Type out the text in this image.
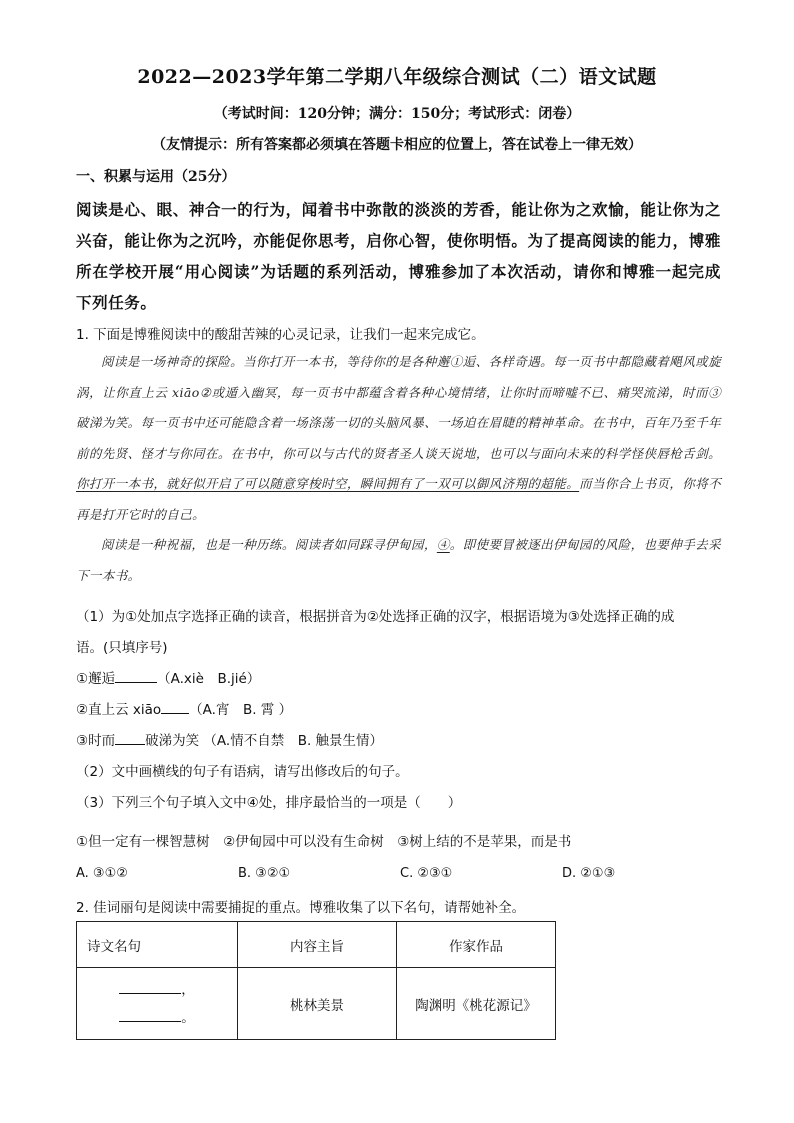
2022—2023学年第二学期八年级综合测试（二）语文试题
（考试时间：120分钟；满分：150分；考试形式：闭卷）
（友情提示：所有答案都必须填在答题卡相应的位置上，答在试卷上一律无效）
一、积累与运用（25分）
阅读是心、眼、神合一的行为，闻着书中弥散的淡淡的芳香，能让你为之欢愉，能让你为之兴奋，能让你为之沉吟，亦能促你思考，启你心智，使你明悟。为了提高阅读的能力，博雅所在学校开展“用心阅读”为话题的系列活动，博雅参加了本次活动，请你和博雅一起完成下列任务。
1. 下面是博雅阅读中的酸甜苦辣的心灵记录，让我们一起来完成它。

阅读是一场神奇的探险。当你打开一本书，等待你的是各种邂①逅、各样奇遇。每一页书中都隐藏着飓风或旋涡，让你直上云 xiāo②或遁入幽冥，每一页书中都蕴含着各种心境情绪，让你时而啼嘘不已、痛哭流涕，时而③破涕为笑。每一页书中还可能隐含着一场涤荡一切的头脑风暴、一场迫在眉睫的精神革命。在书中，百年乃至千年前的先贤、怪才与你同在。在书中，你可以与古代的贤者圣人谈天说地，也可以与面向未来的科学怪侠唇枪舌剑。你打开一本书，就好似开启了可以随意穿梭时空，瞬间拥有了一双可以御风济翔的超能。而当你合上书页，你将不再是打开它时的自己。

阅读是一种祝福，也是一种历练。阅读者如同踩寻伊甸园，④。即使要冒被逐出伊甸园的风险，也要伸手去采下一本书。

（1）为①处加点字选择正确的读音，根据拼音为②处选择正确的汉字，根据语境为③处选择正确的成
语。(只填序号)
①邂逅	（A.xiè　B.jié）
②直上云 xiāo （A.宵　B. 霄 ）
③时而 破涕为笑 （A.情不自禁　B. 触景生情）
（2）文中画横线的句子有语病，请写出修改后的句子。
（3）下列三个句子填入文中④处，排序最恰当的一项是（　　）
①但一定有一棵智慧树　②伊甸园中可以没有生命树　③树上结的不是苹果，而是书
A. ③①②	B. ③②①	C. ②③①	D. ②①③
2. 佳词丽句是阅读中需要捕捉的重点。博雅收集了以下名句，请帮她补全。
诗文名句	内容主旨	作家作品

，
。	桃林美景	陶渊明《桃花源记》
